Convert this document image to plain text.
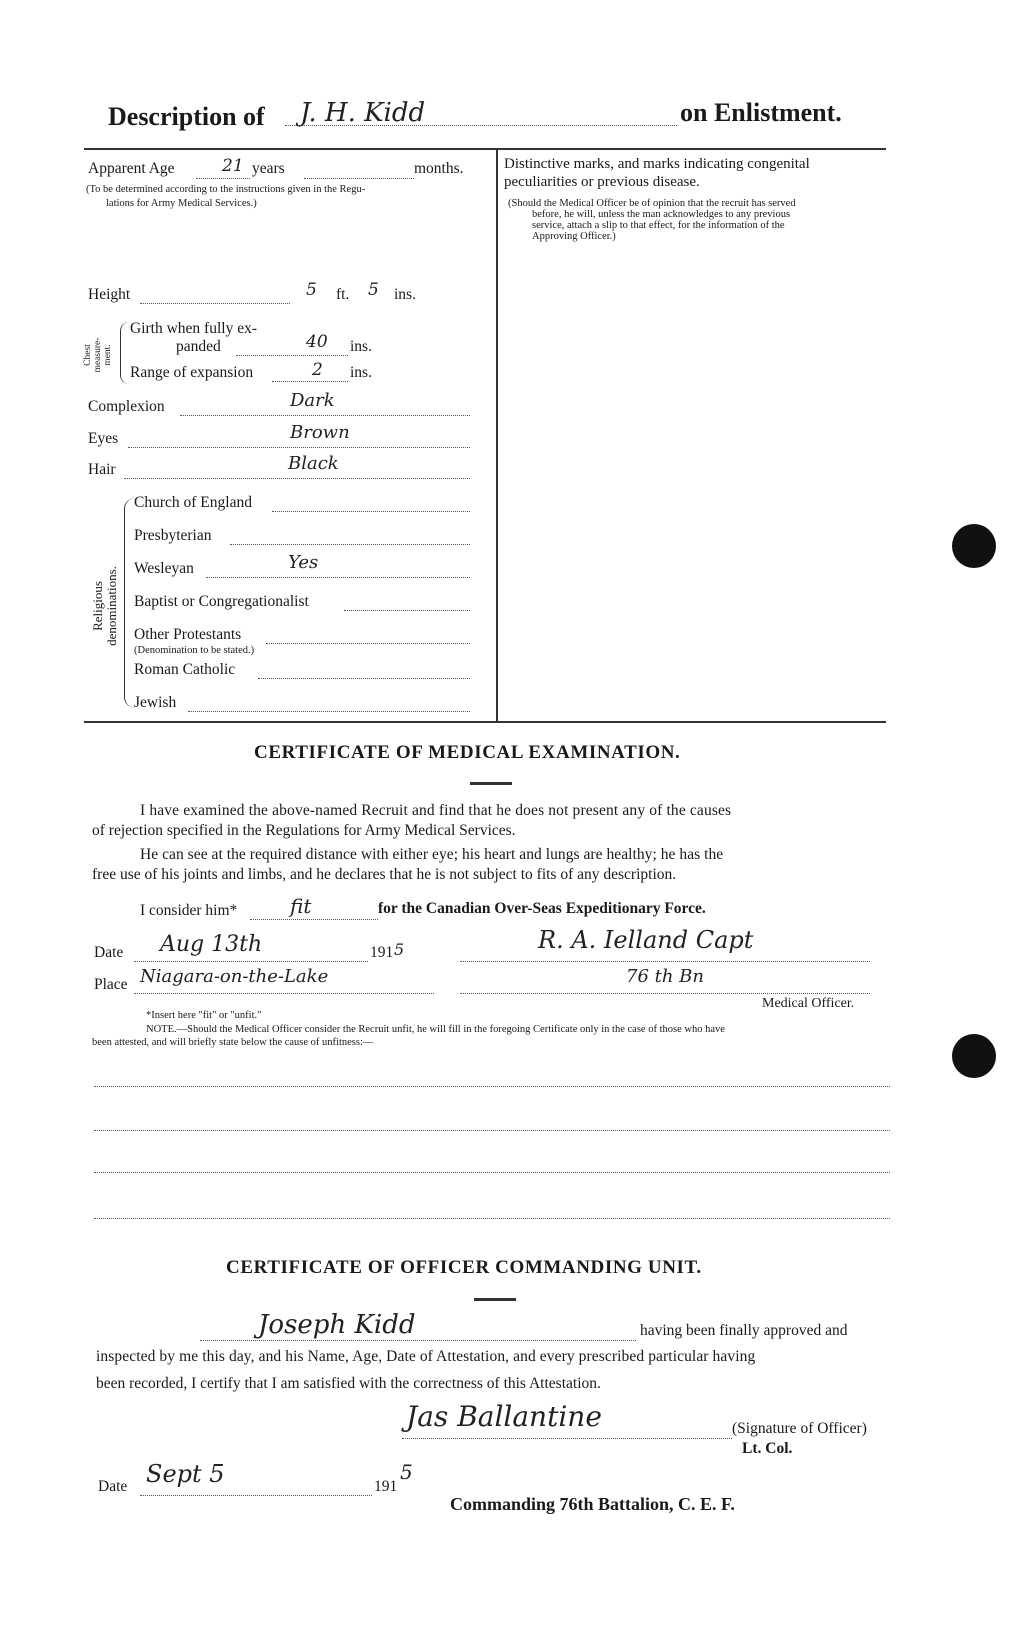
Description of J. H. Kidd	on Enlistment.
Apparent Age	21 years	months.
(To be determined according to the instructions given in the Regu-
lations for Army Medical Services.)
Height	5 ft. 5 ins.
Chest measure- ment.
Girth when fully ex-
panded	40 ins.
Range of expansion	2 ins.
Complexion	Dark
Eyes	Brown
Hair	Black
Religious denominations.
Church of England
Presbyterian
Wesleyan	Yes
Baptist or Congregationalist
Other Protestants
(Denomination to be stated.)
Roman Catholic
Jewish
Distinctive marks, and marks indicating congenital
peculiarities or previous disease.
(Should the Medical Officer be of opinion that the recruit has served
before, he will, unless the man acknowledges to any previous
service, attach a slip to that effect, for the information of the
Approving Officer.)
CERTIFICATE OF MEDICAL EXAMINATION.
I have examined the above-named Recruit and find that he does not present any of the causes
of rejection specified in the Regulations for Army Medical Services.
He can see at the required distance with either eye; his heart and lungs are healthy; he has the
free use of his joints and limbs, and he declares that he is not subject to fits of any description.
I consider him*	fit	for the Canadian Over-Seas Expeditionary Force.
Date Aug 13th	191 5	R. A. Ielland Capt
Place Niagara-on-the-Lake	76 th Bn
Medical Officer.
*Insert here "fit" or "unfit."
NOTE.—Should the Medical Officer consider the Recruit unfit, he will fill in the foregoing Certificate only in the case of those who have
been attested, and will briefly state below the cause of unfitness:—
CERTIFICATE OF OFFICER COMMANDING UNIT.
Joseph Kidd	having been finally approved and
inspected by me this day, and his Name, Age, Date of Attestation, and every prescribed particular having
been recorded, I certify that I am satisfied with the correctness of this Attestation.
Jas Ballantine	(Signature of Officer)
Lt. Col.
Date Sept 5	191
5
Commanding 76th Battalion, C. E. F.
